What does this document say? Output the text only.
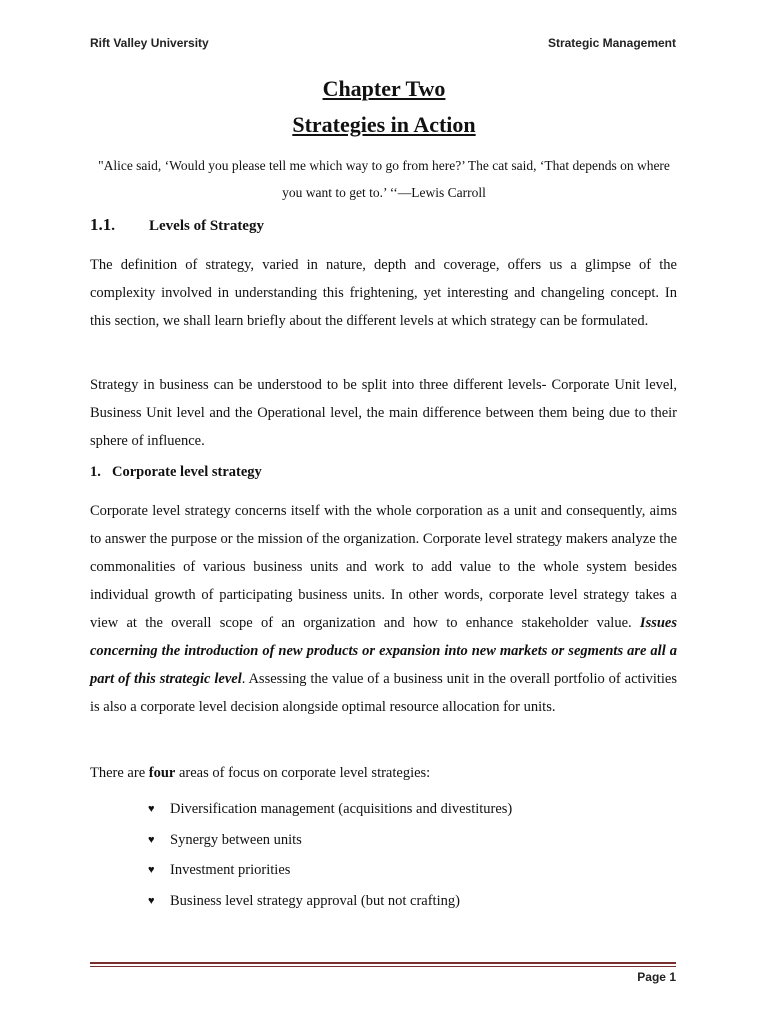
Rift Valley University	Strategic Management
Chapter Two
Strategies in Action
"Alice said, ‘Would you please tell me which way to go from here?’ The cat said, ‘That depends on where you want to get to.’ ‘‘—Lewis Carroll
1.1. Levels of Strategy
The definition of strategy, varied in nature, depth and coverage, offers us a glimpse of the complexity involved in understanding this frightening, yet interesting and changeling concept. In this section, we shall learn briefly about the different levels at which strategy can be formulated.
Strategy in business can be understood to be split into three different levels- Corporate Unit level, Business Unit level and the Operational level, the main difference between them being due to their sphere of influence.
1. Corporate level strategy
Corporate level strategy concerns itself with the whole corporation as a unit and consequently, aims to answer the purpose or the mission of the organization. Corporate level strategy makers analyze the commonalities of various business units and work to add value to the whole system besides individual growth of participating business units. In other words, corporate level strategy takes a view at the overall scope of an organization and how to enhance stakeholder value. Issues concerning the introduction of new products or expansion into new markets or segments are all a part of this strategic level. Assessing the value of a business unit in the overall portfolio of activities is also a corporate level decision alongside optimal resource allocation for units.
There are four areas of focus on corporate level strategies:
♥	Diversification management (acquisitions and divestitures)
♥	Synergy between units
♥	Investment priorities
♥	Business level strategy approval (but not crafting)
Page 1
